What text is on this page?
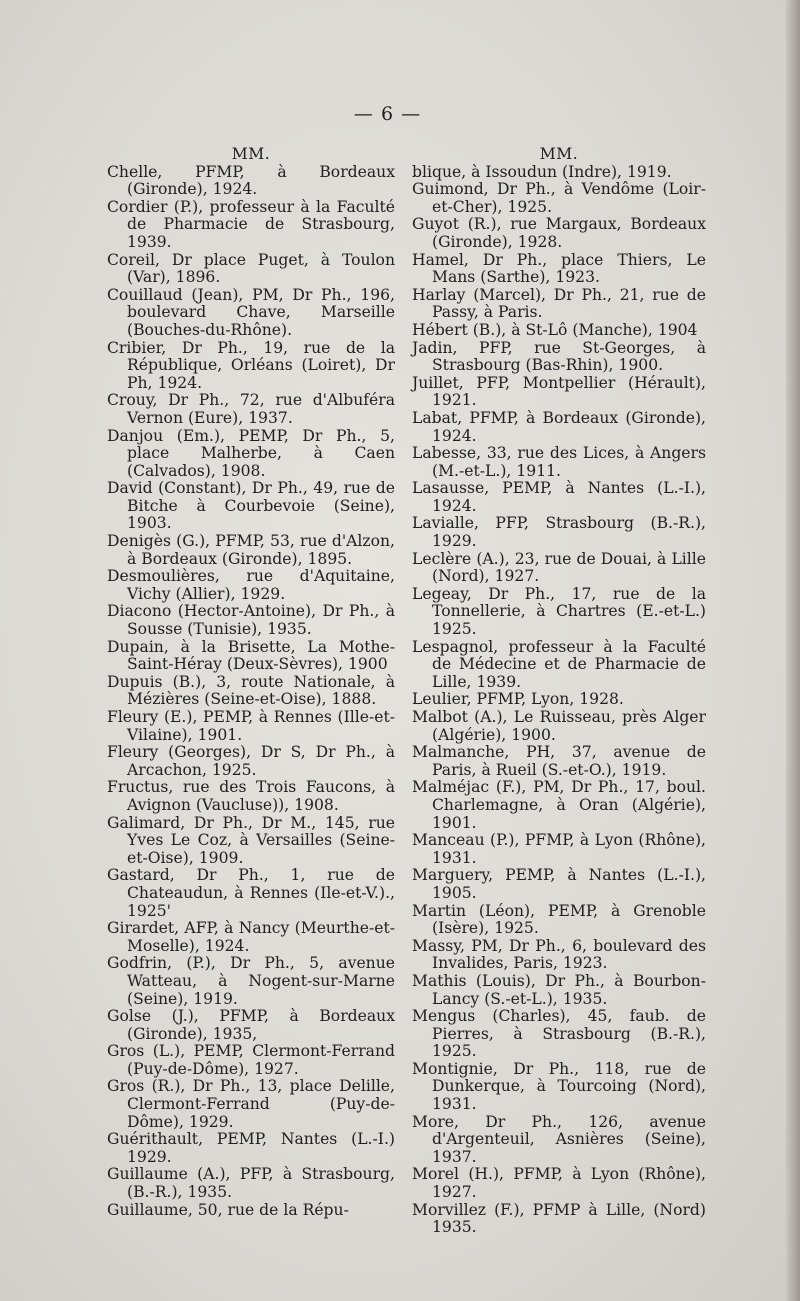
— 6 —

MM.

Chelle, PFMP, à Bordeaux (Gironde), 1924.

Cordier (P.), professeur à la Faculté de Pharmacie de Strasbourg, 1939.

Coreil, Dr place Puget, à Toulon (Var), 1896.

Couillaud (Jean), PM, Dr Ph., 196, boulevard Chave, Marseille (Bouches-du-Rhône).

Cribier, Dr Ph., 19, rue de la République, Orléans (Loiret), Dr Ph, 1924.

Crouy, Dr Ph., 72, rue d'Albuféra Vernon (Eure), 1937.

Danjou (Em.), PEMP, Dr Ph., 5, place Malherbe, à Caen (Calvados), 1908.

David (Constant), Dr Ph., 49, rue de Bitche à Courbevoie (Seine), 1903.

Denigès (G.), PFMP, 53, rue d'Alzon, à Bordeaux (Gironde), 1895.

Desmoulières, rue d'Aquitaine, Vichy (Allier), 1929.

Diacono (Hector-Antoine), Dr Ph., à Sousse (Tunisie), 1935.

Dupain, à la Brisette, La Mothe-Saint-Héray (Deux-Sèvres), 1900

Dupuis (B.), 3, route Nationale, à Mézières (Seine-et-Oise), 1888.

Fleury (E.), PEMP, à Rennes (Ille-et-Vilaine), 1901.

Fleury (Georges), Dr S, Dr Ph., à Arcachon, 1925.

Fructus, rue des Trois Faucons, à Avignon (Vaucluse)), 1908.

Galimard, Dr Ph., Dr M., 145, rue Yves Le Coz, à Versailles (Seine-et-Oise), 1909.

Gastard, Dr Ph., 1, rue de Chateaudun, à Rennes (Ile-et-V.)., 1925'

Girardet, AFP, à Nancy (Meurthe-et-Moselle), 1924.

Godfrin, (P.), Dr Ph., 5, avenue Watteau, à Nogent-sur-Marne (Seine), 1919.

Golse (J.), PFMP, à Bordeaux (Gironde), 1935,

Gros (L.), PEMP, Clermont-Ferrand (Puy-de-Dôme), 1927.

Gros (R.), Dr Ph., 13, place Delille, Clermont-Ferrand (Puy-de-Dôme), 1929.

Guérithault, PEMP, Nantes (L.-I.) 1929.

Guillaume (A.), PFP, à Strasbourg, (B.-R.), 1935.

Guillaume, 50, rue de la Répu-

MM.

blique, à Issoudun (Indre), 1919.

Guimond, Dr Ph., à Vendôme (Loir-et-Cher), 1925.

Guyot (R.), rue Margaux, Bordeaux (Gironde), 1928.

Hamel, Dr Ph., place Thiers, Le Mans (Sarthe), 1923.

Harlay (Marcel), Dr Ph., 21, rue de Passy, à Paris.

Hébert (B.), à St-Lô (Manche), 1904

Jadin, PFP, rue St-Georges, à Strasbourg (Bas-Rhin), 1900.

Juillet, PFP, Montpellier (Hérault), 1921.

Labat, PFMP, à Bordeaux (Gironde), 1924.

Labesse, 33, rue des Lices, à Angers (M.-et-L.), 1911.

Lasausse, PEMP, à Nantes (L.-I.), 1924.

Lavialle, PFP, Strasbourg (B.-R.), 1929.

Leclère (A.), 23, rue de Douai, à Lille (Nord), 1927.

Legeay, Dr Ph., 17, rue de la Tonnellerie, à Chartres (E.-et-L.) 1925.

Lespagnol, professeur à la Faculté de Médecine et de Pharmacie de Lille, 1939.

Leulier, PFMP, Lyon, 1928.

Malbot (A.), Le Ruisseau, près Alger (Algérie), 1900.

Malmanche, PH, 37, avenue de Paris, à Rueil (S.-et-O.), 1919.

Malméjac (F.), PM, Dr Ph., 17, boul. Charlemagne, à Oran (Algérie), 1901.

Manceau (P.), PFMP, à Lyon (Rhône), 1931.

Marguery, PEMP, à Nantes (L.-I.), 1905.

Martin (Léon), PEMP, à Grenoble (Isère), 1925.

Massy, PM, Dr Ph., 6, boulevard des Invalides, Paris, 1923.

Mathis (Louis), Dr Ph., à Bourbon-Lancy (S.-et-L.), 1935.

Mengus (Charles), 45, faub. de Pierres, à Strasbourg (B.-R.), 1925.

Montignie, Dr Ph., 118, rue de Dunkerque, à Tourcoing (Nord), 1931.

More, Dr Ph., 126, avenue d'Argenteuil, Asnières (Seine), 1937.

Morel (H.), PFMP, à Lyon (Rhône), 1927.

Morvillez (F.), PFMP à Lille, (Nord) 1935.
